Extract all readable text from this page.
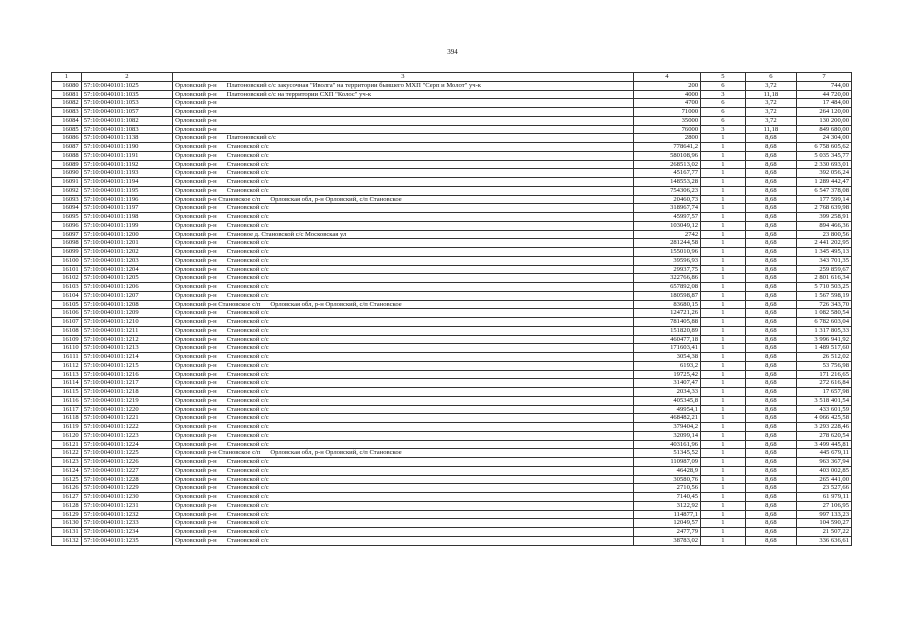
394
1	2	3	4	5	6	7
16080	57:10:0040101:1025	Орловский р-н Платоновский с/с закусочная "Иволга" на территории бывшего МХП "Серп и Молот" уч-к	200	6	3,72	744,00
16081	57:10:0040101:1035	Орловский р-н Платоновский с/с на территории СХП "Колос" уч-к	4000	3	11,18	44 720,00
16082	57:10:0040101:1053	Орловский р-н	4700	6	3,72	17 484,00
16083	57:10:0040101:1057	Орловский р-н	71000	6	3,72	264 120,00
16084	57:10:0040101:1082	Орловский р-н	35000	6	3,72	130 200,00
16085	57:10:0040101:1083	Орловский р-н	76000	3	11,18	849 680,00
16086	57:10:0040101:1138	Орловский р-н Платоновский с/с	2800	1	8,68	24 304,00
16087	57:10:0040101:1190	Орловский р-н Становской с/с	778641,2	1	8,68	6 758 605,62
16088	57:10:0040101:1191	Орловский р-н Становской с/с	580108,96	1	8,68	5 035 345,77
16089	57:10:0040101:1192	Орловский р-н Становской с/с	268513,02	1	8,68	2 330 693,01
16090	57:10:0040101:1193	Орловский р-н Становской с/с	45167,77	1	8,68	392 056,24
16091	57:10:0040101:1194	Орловский р-н Становской с/с	148553,28	1	8,68	1 289 442,47
16092	57:10:0040101:1195	Орловский р-н Становской с/с	754306,23	1	8,68	6 547 378,08
16093	57:10:0040101:1196	Орловский р-н Становское с/п Орловская обл, р-н Орловский, с/п Становское	20460,73	1	8,68	177 599,14
16094	57:10:0040101:1197	Орловский р-н Становской с/с	318967,74	1	8,68	2 768 639,98
16095	57:10:0040101:1198	Орловский р-н Становской с/с	45997,57	1	8,68	399 258,91
16096	57:10:0040101:1199	Орловский р-н Становской с/с	103049,12	1	8,68	894 466,36
16097	57:10:0040101:1200	Орловский р-н Становое д. Становской с/с Московская ул	2742	1	8,68	23 800,56
16098	57:10:0040101:1201	Орловский р-н Становской с/с	281244,58	1	8,68	2 441 202,95
16099	57:10:0040101:1202	Орловский р-н Становской с/с	155010,96	1	8,68	1 345 495,13
16100	57:10:0040101:1203	Орловский р-н Становской с/с	39596,93	1	8,68	343 701,35
16101	57:10:0040101:1204	Орловский р-н Становской с/с	29937,75	1	8,68	259 859,67
16102	57:10:0040101:1205	Орловский р-н Становской с/с	322766,86	1	8,68	2 801 616,34
16103	57:10:0040101:1206	Орловский р-н Становской с/с	657892,08	1	8,68	5 710 503,25
16104	57:10:0040101:1207	Орловский р-н Становской с/с	180598,87	1	8,68	1 567 598,19
16105	57:10:0040101:1208	Орловский р-н Становское с/п Орловская обл, р-н Орловский, с/п Становское	83680,15	1	8,68	726 343,70
16106	57:10:0040101:1209	Орловский р-н Становской с/с	124721,26	1	8,68	1 082 580,54
16107	57:10:0040101:1210	Орловский р-н Становской с/с	781405,88	1	8,68	6 782 603,04
16108	57:10:0040101:1211	Орловский р-н Становской с/с	151820,89	1	8,68	1 317 805,33
16109	57:10:0040101:1212	Орловский р-н Становской с/с	460477,18	1	8,68	3 996 941,92
16110	57:10:0040101:1213	Орловский р-н Становской с/с	171603,41	1	8,68	1 489 517,60
16111	57:10:0040101:1214	Орловский р-н Становской с/с	3054,38	1	8,68	26 512,02
16112	57:10:0040101:1215	Орловский р-н Становской с/с	6193,2	1	8,68	53 756,98
16113	57:10:0040101:1216	Орловский р-н Становской с/с	19725,42	1	8,68	171 216,65
16114	57:10:0040101:1217	Орловский р-н Становской с/с	31407,47	1	8,68	272 616,84
16115	57:10:0040101:1218	Орловский р-н Становской с/с	2034,33	1	8,68	17 657,98
16116	57:10:0040101:1219	Орловский р-н Становской с/с	405345,8	1	8,68	3 518 401,54
16117	57:10:0040101:1220	Орловский р-н Становской с/с	49954,1	1	8,68	433 601,59
16118	57:10:0040101:1221	Орловский р-н Становской с/с	468482,21	1	8,68	4 066 425,58
16119	57:10:0040101:1222	Орловский р-н Становской с/с	379404,2	1	8,68	3 293 228,46
16120	57:10:0040101:1223	Орловский р-н Становской с/с	32099,14	1	8,68	278 620,54
16121	57:10:0040101:1224	Орловский р-н Становской с/с	403161,96	1	8,68	3 499 445,81
16122	57:10:0040101:1225	Орловский р-н Становское с/п Орловская обл, р-н Орловский, с/п Становское	51345,52	1	8,68	445 679,11
16123	57:10:0040101:1226	Орловский р-н Становской с/с	110987,09	1	8,68	963 367,94
16124	57:10:0040101:1227	Орловский р-н Становской с/с	46428,9	1	8,68	403 002,85
16125	57:10:0040101:1228	Орловский р-н Становской с/с	30580,76	1	8,68	265 441,00
16126	57:10:0040101:1229	Орловский р-н Становской с/с	2710,56	1	8,68	23 527,66
16127	57:10:0040101:1230	Орловский р-н Становской с/с	7140,45	1	8,68	61 979,11
16128	57:10:0040101:1231	Орловский р-н Становской с/с	3122,92	1	8,68	27 106,95
16129	57:10:0040101:1232	Орловский р-н Становской с/с	114877,1	1	8,68	997 133,23
16130	57:10:0040101:1233	Орловский р-н Становской с/с	12049,57	1	8,68	104 590,27
16131	57:10:0040101:1234	Орловский р-н Становской с/с	2477,79	1	8,68	21 507,22
16132	57:10:0040101:1235	Орловский р-н Становской с/с	38783,02	1	8,68	336 636,61
